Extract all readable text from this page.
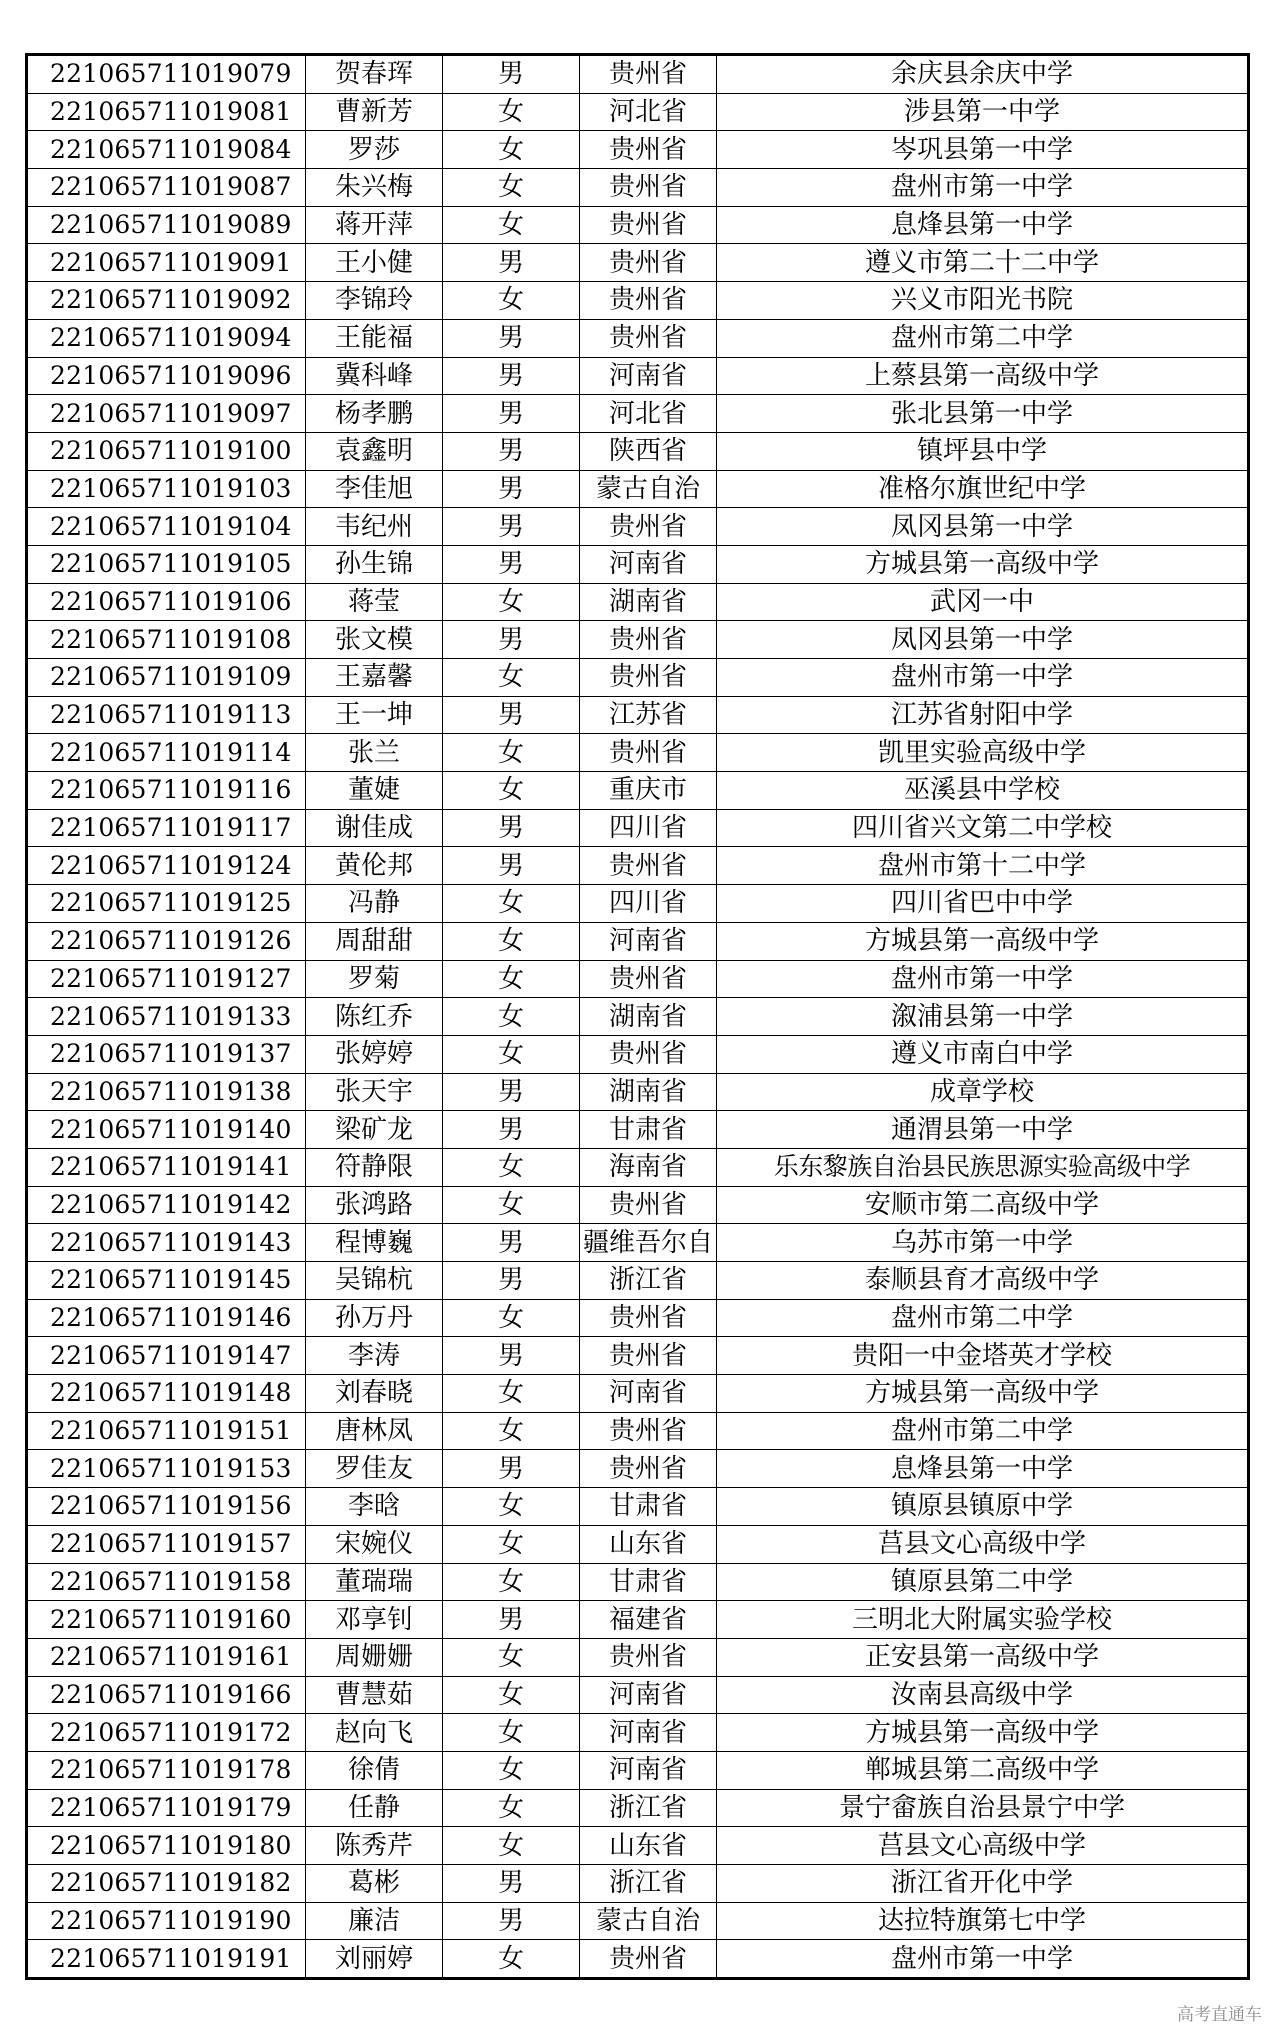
221065711019079	贺春珲	男	贵州省	余庆县余庆中学
221065711019081	曹新芳	女	河北省	涉县第一中学
221065711019084	罗莎	女	贵州省	岑巩县第一中学
221065711019087	朱兴梅	女	贵州省	盘州市第一中学
221065711019089	蒋开萍	女	贵州省	息烽县第一中学
221065711019091	王小健	男	贵州省	遵义市第二十二中学
221065711019092	李锦玲	女	贵州省	兴义市阳光书院
221065711019094	王能福	男	贵州省	盘州市第二中学
221065711019096	冀科峰	男	河南省	上蔡县第一高级中学
221065711019097	杨孝鹏	男	河北省	张北县第一中学
221065711019100	袁鑫明	男	陕西省	镇坪县中学
221065711019103	李佳旭	男	蒙古自治	准格尔旗世纪中学
221065711019104	韦纪州	男	贵州省	凤冈县第一中学
221065711019105	孙生锦	男	河南省	方城县第一高级中学
221065711019106	蒋莹	女	湖南省	武冈一中
221065711019108	张文模	男	贵州省	凤冈县第一中学
221065711019109	王嘉馨	女	贵州省	盘州市第一中学
221065711019113	王一坤	男	江苏省	江苏省射阳中学
221065711019114	张兰	女	贵州省	凯里实验高级中学
221065711019116	董婕	女	重庆市	巫溪县中学校
221065711019117	谢佳成	男	四川省	四川省兴文第二中学校
221065711019124	黄伦邦	男	贵州省	盘州市第十二中学
221065711019125	冯静	女	四川省	四川省巴中中学
221065711019126	周甜甜	女	河南省	方城县第一高级中学
221065711019127	罗菊	女	贵州省	盘州市第一中学
221065711019133	陈红乔	女	湖南省	溆浦县第一中学
221065711019137	张婷婷	女	贵州省	遵义市南白中学
221065711019138	张天宇	男	湖南省	成章学校
221065711019140	梁矿龙	男	甘肃省	通渭县第一中学
221065711019141	符静限	女	海南省	乐东黎族自治县民族思源实验高级中学
221065711019142	张鸿路	女	贵州省	安顺市第二高级中学
221065711019143	程博巍	男	疆维吾尔自	乌苏市第一中学
221065711019145	吴锦杭	男	浙江省	泰顺县育才高级中学
221065711019146	孙万丹	女	贵州省	盘州市第二中学
221065711019147	李涛	男	贵州省	贵阳一中金塔英才学校
221065711019148	刘春晓	女	河南省	方城县第一高级中学
221065711019151	唐林凤	女	贵州省	盘州市第二中学
221065711019153	罗佳友	男	贵州省	息烽县第一中学
221065711019156	李晗	女	甘肃省	镇原县镇原中学
221065711019157	宋婉仪	女	山东省	莒县文心高级中学
221065711019158	董瑞瑞	女	甘肃省	镇原县第二中学
221065711019160	邓享钊	男	福建省	三明北大附属实验学校
221065711019161	周姗姗	女	贵州省	正安县第一高级中学
221065711019166	曹慧茹	女	河南省	汝南县高级中学
221065711019172	赵向飞	女	河南省	方城县第一高级中学
221065711019178	徐倩	女	河南省	郸城县第二高级中学
221065711019179	任静	女	浙江省	景宁畲族自治县景宁中学
221065711019180	陈秀芹	女	山东省	莒县文心高级中学
221065711019182	葛彬	男	浙江省	浙江省开化中学
221065711019190	廉洁	男	蒙古自治	达拉特旗第七中学
221065711019191	刘丽婷	女	贵州省	盘州市第一中学
高考直通车
